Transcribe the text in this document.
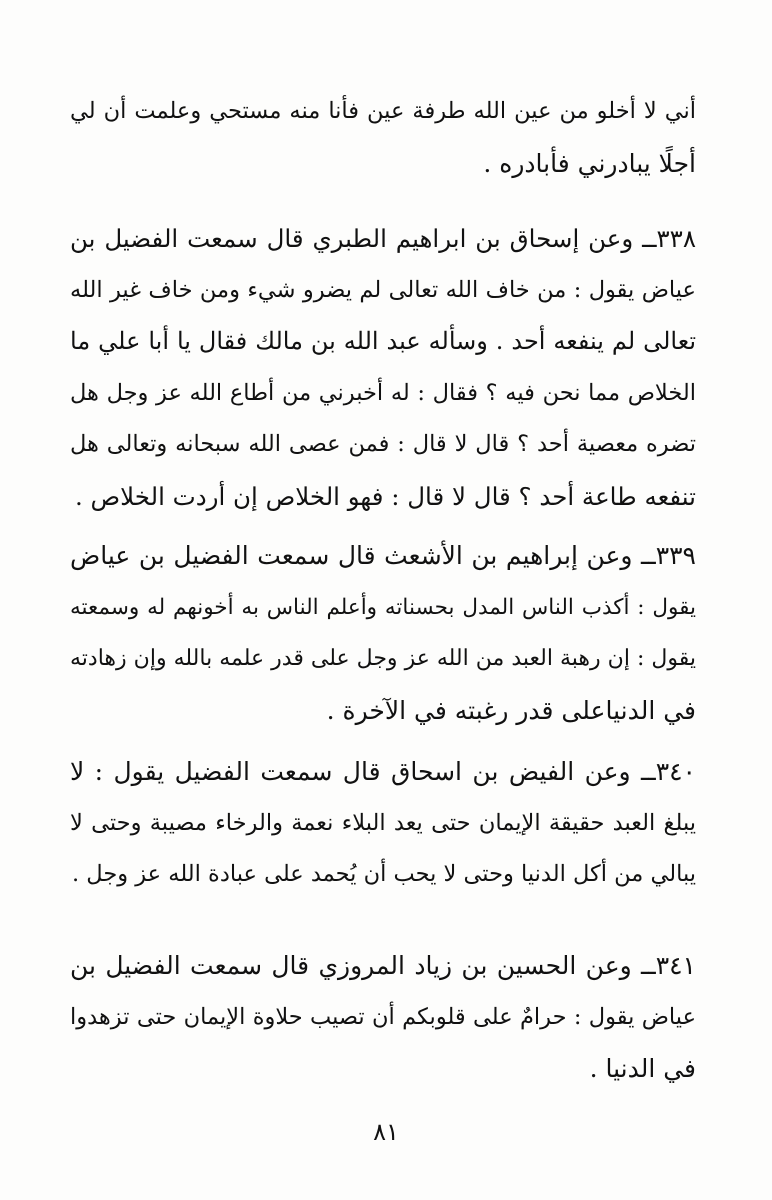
أني لا أخلو من عين الله طرفة عين فأنا منه مستحي وعلمت أن لي
أجلًا يبادرني فأبادره .
٣٣٨ــ وعن إسحاق بن ابراهيم الطبري قال سمعت الفضيل بن
عياض يقول : من خاف الله تعالى لم يضرو شيء ومن خاف غير الله
تعالى لم ينفعه أحد . وسأله عبد الله بن مالك فقال يا أبا علي ما
الخلاص مما نحن فيه ؟ فقال : له أخبرني من أطاع الله عز وجل هل
تضره معصية أحد ؟ قال لا قال : فمن عصى الله سبحانه وتعالى هل
تنفعه طاعة أحد ؟ قال لا قال : فهو الخلاص إن أردت الخلاص .
٣٣٩ــ وعن إبراهيم بن الأشعث قال سمعت الفضيل بن عياض
يقول : أكذب الناس المدل بحسناته وأعلم الناس به أخونهم له وسمعته
يقول : إن رهبة العبد من الله عز وجل على قدر علمه بالله وإن زهادته
في الدنياعلى قدر رغبته في الآخرة .
٣٤٠ــ وعن الفيض بن اسحاق قال سمعت الفضيل يقول : لا
يبلغ العبد حقيقة الإيمان حتى يعد البلاء نعمة والرخاء مصيبة وحتى لا
يبالي من أكل الدنيا وحتى لا يحب أن يُحمد على عبادة الله عز وجل .
٣٤١ــ وعن الحسين بن زياد المروزي قال سمعت الفضيل بن
عياض يقول : حرامٌ على قلوبكم أن تصيب حلاوة الإيمان حتى تزهدوا
في الدنيا .
٨١
